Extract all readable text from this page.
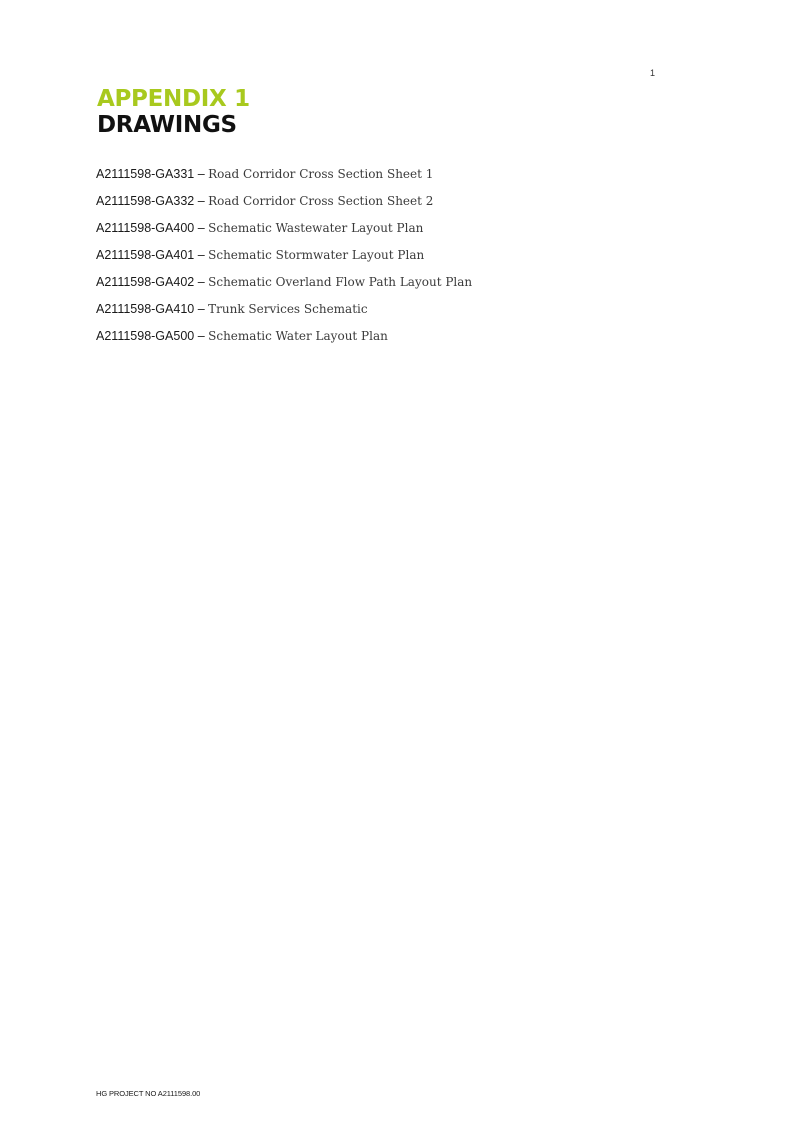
1
APPENDIX 1
DRAWINGS
A2111598-GA331 – Road Corridor Cross Section Sheet 1
A2111598-GA332 – Road Corridor Cross Section Sheet 2
A2111598-GA400 – Schematic Wastewater Layout Plan
A2111598-GA401 – Schematic Stormwater Layout Plan
A2111598-GA402 – Schematic Overland Flow Path Layout Plan
A2111598-GA410 – Trunk Services Schematic
A2111598-GA500 – Schematic Water Layout Plan
HG PROJECT NO A2111598.00
